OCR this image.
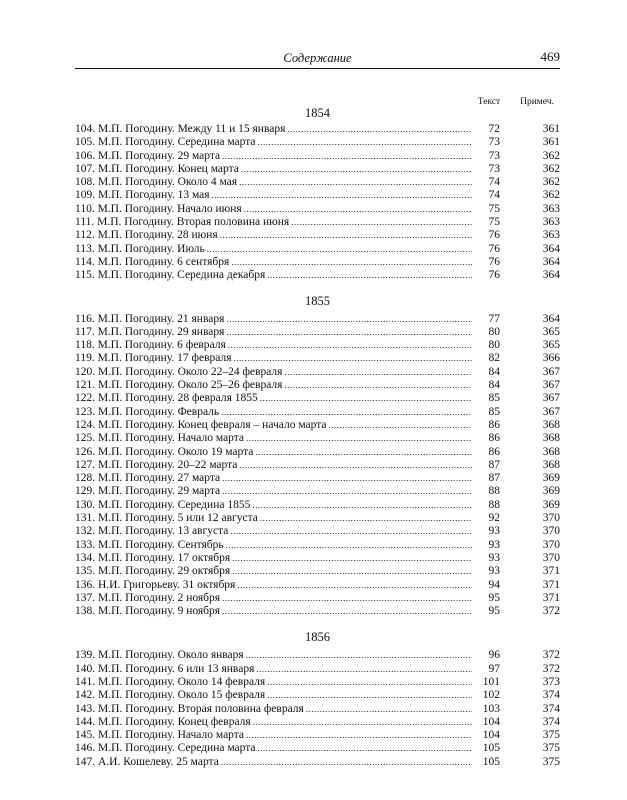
Содержание	469
Текст	Примеч.
1854
104. М.П. Погодину. Между 11 и 15 января .....	72	361
105. М.П. Погодину. Середина марта .....	73	361
106. М.П. Погодину. 29 марта .....	73	362
107. М.П. Погодину. Конец марта .....	73	362
108. М.П. Погодину. Около 4 мая .....	74	362
109. М.П. Погодину. 13 мая .....	74	362
110. М.П. Погодину. Начало июня .....	75	363
111. М.П. Погодину. Вторая половина июня .....	75	363
112. М.П. Погодину. 28 июня .....	76	363
113. М.П. Погодину. Июль .....	76	364
114. М.П. Погодину. 6 сентября .....	76	364
115. М.П. Погодину. Середина декабря .....	76	364
1855
116. М.П. Погодину. 21 января .....	77	364
117. М.П. Погодину. 29 января .....	80	365
118. М.П. Погодину. 6 февраля .....	80	365
119. М.П. Погодину. 17 февраля .....	82	366
120. М.П. Погодину. Около 22–24 февраля .....	84	367
121. М.П. Погодину. Около 25–26 февраля .....	84	367
122. М.П. Погодину. 28 февраля 1855 .....	85	367
123. М.П. Погодину. Февраль .....	85	367
124. М.П. Погодину. Конец февраля – начало марта .....	86	368
125. М.П. Погодину. Начало марта .....	86	368
126. М.П. Погодину. Около 19 марта .....	86	368
127. М.П. Погодину. 20–22 марта .....	87	368
128. М.П. Погодину. 27 марта .....	87	369
129. М.П. Погодину. 29 марта .....	88	369
130. М.П. Погодину. Середина 1855 .....	88	369
131. М.П. Погодину. 5 или 12 августа .....	92	370
132. М.П. Погодину. 13 августа .....	93	370
133. М.П. Погодину. Сентябрь .....	93	370
134. М.П. Погодину. 17 октября .....	93	370
135. М.П. Погодину. 29 октября .....	93	371
136. Н.И. Григорьеву. 31 октября .....	94	371
137. М.П. Погодину. 2 ноября .....	95	371
138. М.П. Погодину. 9 ноября .....	95	372
1856
139. М.П. Погодину. Около января .....	96	372
140. М.П. Погодину. 6 или 13 января .....	97	372
141. М.П. Погодину. Около 14 февраля .....	101	373
142. М.П. Погодину. Около 15 февраля .....	102	374
143. М.П. Погодину. Вторая половина февраля .....	103	374
144. М.П. Погодину. Конец февраля .....	104	374
145. М.П. Погодину. Начало марта .....	104	375
146. М.П. Погодину. Середина марта .....	105	375
147. А.И. Кошелеву. 25 марта .....	105	375
